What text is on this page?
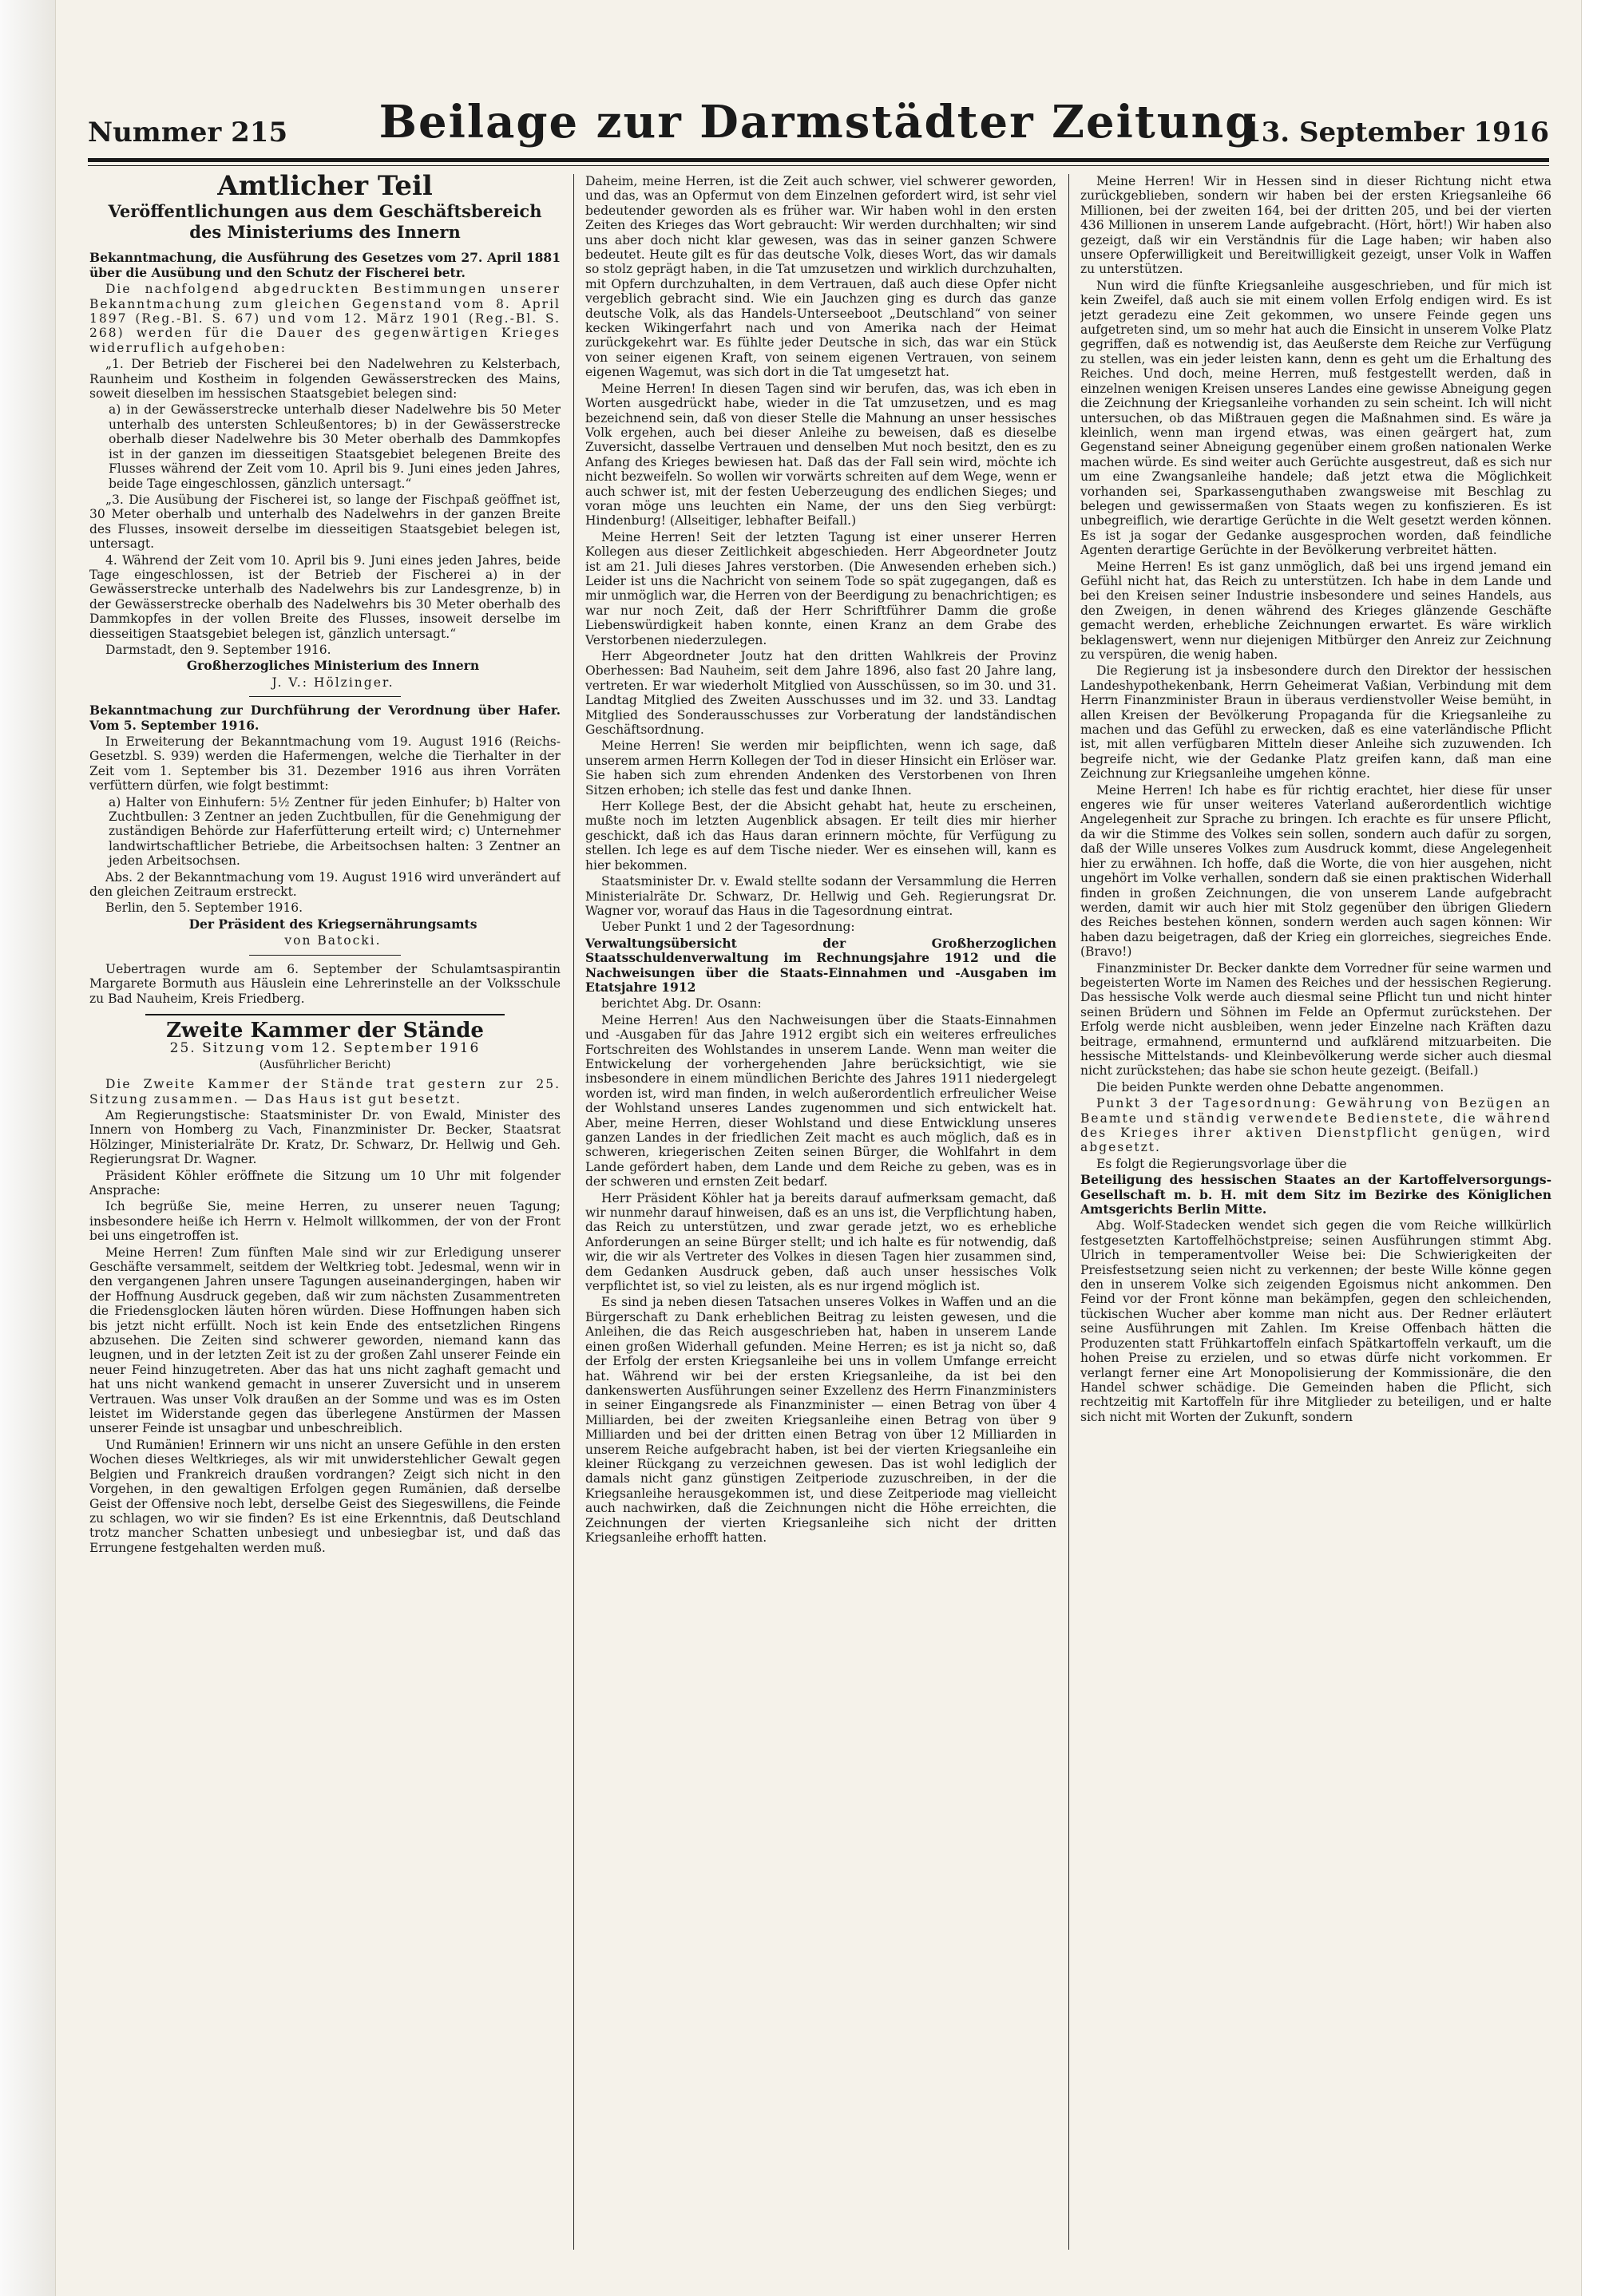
Nummer 215	Beilage zur Darmstädter Zeitung
13. September 1916
Amtlicher Teil
Veröffentlichungen aus dem Geschäftsbereich des Ministeriums des Innern

Bekanntmachung, die Ausführung des Gesetzes vom 27. April 1881 über die Ausübung und den Schutz der Fischerei betr.

Die nachfolgend abgedruckten Bestimmungen unserer Bekanntmachung zum gleichen Gegenstand vom 8. April 1897 (Reg.-Bl. S. 67) und vom 12. März 1901 (Reg.-Bl. S. 268) werden für die Dauer des gegenwärtigen Krieges widerruflich aufgehoben:

„1. Der Betrieb der Fischerei bei den Nadelwehren zu Kelsterbach, Raunheim und Kostheim in folgenden Gewässerstrecken des Mains, soweit dieselben im hessischen Staatsgebiet belegen sind:

a) in der Gewässerstrecke unterhalb dieser Nadelwehre bis 50 Meter unterhalb des untersten Schleußentores; b) in der Gewässerstrecke oberhalb dieser Nadelwehre bis 30 Meter oberhalb des Dammkopfes ist in der ganzen im diesseitigen Staatsgebiet belegenen Breite des Flusses während der Zeit vom 10. April bis 9. Juni eines jeden Jahres, beide Tage eingeschlossen, gänzlich untersagt.“

„3. Die Ausübung der Fischerei ist, so lange der Fischpaß geöffnet ist, 30 Meter oberhalb und unterhalb des Nadelwehrs in der ganzen Breite des Flusses, insoweit derselbe im diesseitigen Staatsgebiet belegen ist, untersagt.

4. Während der Zeit vom 10. April bis 9. Juni eines jeden Jahres, beide Tage eingeschlossen, ist der Betrieb der Fischerei a) in der Gewässerstrecke unterhalb des Nadelwehrs bis zur Landesgrenze, b) in der Gewässerstrecke oberhalb des Nadelwehrs bis 30 Meter oberhalb des Dammkopfes in der vollen Breite des Flusses, insoweit derselbe im diesseitigen Staatsgebiet belegen ist, gänzlich untersagt.“

Darmstadt, den 9. September 1916.

Großherzogliches Ministerium des Innern

J. V.: Hölzinger.

Bekanntmachung zur Durchführung der Verordnung über Hafer. Vom 5. September 1916.

In Erweiterung der Bekanntmachung vom 19. August 1916 (Reichs-Gesetzbl. S. 939) werden die Hafermengen, welche die Tierhalter in der Zeit vom 1. September bis 31. Dezember 1916 aus ihren Vorräten verfüttern dürfen, wie folgt bestimmt:

a) Halter von Einhufern: 5½ Zentner für jeden Einhufer; b) Halter von Zuchtbullen: 3 Zentner an jeden Zuchtbullen, für die Genehmigung der zuständigen Behörde zur Haferfütterung erteilt wird; c) Unternehmer landwirtschaftlicher Betriebe, die Arbeitsochsen halten: 3 Zentner an jeden Arbeitsochsen.

Abs. 2 der Bekanntmachung vom 19. August 1916 wird unverändert auf den gleichen Zeitraum erstreckt.

Berlin, den 5. September 1916.

Der Präsident des Kriegsernährungsamts

von Batocki.

Uebertragen wurde am 6. September der Schulamtsaspirantin Margarete Bormuth aus Häuslein eine Lehrerinstelle an der Volksschule zu Bad Nauheim, Kreis Friedberg.

Zweite Kammer der Stände
25. Sitzung vom 12. September 1916
(Ausführlicher Bericht)

Die Zweite Kammer der Stände trat gestern zur 25. Sitzung zusammen. — Das Haus ist gut besetzt.

Am Regierungstische: Staatsminister Dr. von Ewald, Minister des Innern von Homberg zu Vach, Finanzminister Dr. Becker, Staatsrat Hölzinger, Ministerialräte Dr. Kratz, Dr. Schwarz, Dr. Hellwig und Geh. Regierungsrat Dr. Wagner.

Präsident Köhler eröffnete die Sitzung um 10 Uhr mit folgender Ansprache:

Ich begrüße Sie, meine Herren, zu unserer neuen Tagung; insbesondere heiße ich Herrn v. Helmolt willkommen, der von der Front bei uns eingetroffen ist.

Meine Herren! Zum fünften Male sind wir zur Erledigung unserer Geschäfte versammelt, seitdem der Weltkrieg tobt. Jedesmal, wenn wir in den vergangenen Jahren unsere Tagungen auseinandergingen, haben wir der Hoffnung Ausdruck gegeben, daß wir zum nächsten Zusammentreten die Friedensglocken läuten hören würden. Diese Hoffnungen haben sich bis jetzt nicht erfüllt. Noch ist kein Ende des entsetzlichen Ringens abzusehen. Die Zeiten sind schwerer geworden, niemand kann das leugnen, und in der letzten Zeit ist zu der großen Zahl unserer Feinde ein neuer Feind hinzugetreten. Aber das hat uns nicht zaghaft gemacht und hat uns nicht wankend gemacht in unserer Zuversicht und in unserem Vertrauen. Was unser Volk draußen an der Somme und was es im Osten leistet im Widerstande gegen das überlegene Anstürmen der Massen unserer Feinde ist unsagbar und unbeschreiblich.

Und Rumänien! Erinnern wir uns nicht an unsere Gefühle in den ersten Wochen dieses Weltkrieges, als wir mit unwiderstehlicher Gewalt gegen Belgien und Frankreich draußen vordrangen? Zeigt sich nicht in den Vorgehen, in den gewaltigen Erfolgen gegen Rumänien, daß derselbe Geist der Offensive noch lebt, derselbe Geist des Siegeswillens, die Feinde zu schlagen, wo wir sie finden? Es ist eine Erkenntnis, daß Deutschland trotz mancher Schatten unbesiegt und unbesiegbar ist, und daß das Errungene festgehalten werden muß.

Daheim, meine Herren, ist die Zeit auch schwer, viel schwerer geworden, und das, was an Opfermut von dem Einzelnen gefordert wird, ist sehr viel bedeutender geworden als es früher war. Wir haben wohl in den ersten Zeiten des Krieges das Wort gebraucht: Wir werden durchhalten; wir sind uns aber doch nicht klar gewesen, was das in seiner ganzen Schwere bedeutet. Heute gilt es für das deutsche Volk, dieses Wort, das wir damals so stolz geprägt haben, in die Tat umzusetzen und wirklich durchzuhalten, mit Opfern durchzuhalten, in dem Vertrauen, daß auch diese Opfer nicht vergeblich gebracht sind. Wie ein Jauchzen ging es durch das ganze deutsche Volk, als das Handels-Unterseeboot „Deutschland“ von seiner kecken Wikingerfahrt nach und von Amerika nach der Heimat zurückgekehrt war. Es fühlte jeder Deutsche in sich, das war ein Stück von seiner eigenen Kraft, von seinem eigenen Vertrauen, von seinem eigenen Wagemut, was sich dort in die Tat umgesetzt hat.

Meine Herren! In diesen Tagen sind wir berufen, das, was ich eben in Worten ausgedrückt habe, wieder in die Tat umzusetzen, und es mag bezeichnend sein, daß von dieser Stelle die Mahnung an unser hessisches Volk ergehen, auch bei dieser Anleihe zu beweisen, daß es dieselbe Zuversicht, dasselbe Vertrauen und denselben Mut noch besitzt, den es zu Anfang des Krieges bewiesen hat. Daß das der Fall sein wird, möchte ich nicht bezweifeln. So wollen wir vorwärts schreiten auf dem Wege, wenn er auch schwer ist, mit der festen Ueberzeugung des endlichen Sieges; und voran möge uns leuchten ein Name, der uns den Sieg verbürgt: Hindenburg! (Allseitiger, lebhafter Beifall.)

Meine Herren! Seit der letzten Tagung ist einer unserer Herren Kollegen aus dieser Zeitlichkeit abgeschieden. Herr Abgeordneter Joutz ist am 21. Juli dieses Jahres verstorben. (Die Anwesenden erheben sich.) Leider ist uns die Nachricht von seinem Tode so spät zugegangen, daß es mir unmöglich war, die Herren von der Beerdigung zu benachrichtigen; es war nur noch Zeit, daß der Herr Schriftführer Damm die große Liebenswürdigkeit haben konnte, einen Kranz an dem Grabe des Verstorbenen niederzulegen.

Herr Abgeordneter Joutz hat den dritten Wahlkreis der Provinz Oberhessen: Bad Nauheim, seit dem Jahre 1896, also fast 20 Jahre lang, vertreten. Er war wiederholt Mitglied von Ausschüssen, so im 30. und 31. Landtag Mitglied des Zweiten Ausschusses und im 32. und 33. Landtag Mitglied des Sonderausschusses zur Vorberatung der landständischen Geschäftsordnung.

Meine Herren! Sie werden mir beipflichten, wenn ich sage, daß unserem armen Herrn Kollegen der Tod in dieser Hinsicht ein Erlöser war. Sie haben sich zum ehrenden Andenken des Verstorbenen von Ihren Sitzen erhoben; ich stelle das fest und danke Ihnen.

Herr Kollege Best, der die Absicht gehabt hat, heute zu erscheinen, mußte noch im letzten Augenblick absagen. Er teilt dies mir hierher geschickt, daß ich das Haus daran erinnern möchte, für Verfügung zu stellen. Ich lege es auf dem Tische nieder. Wer es einsehen will, kann es hier bekommen.

Staatsminister Dr. v. Ewald stellte sodann der Versammlung die Herren Ministerialräte Dr. Schwarz, Dr. Hellwig und Geh. Regierungsrat Dr. Wagner vor, worauf das Haus in die Tagesordnung eintrat.

Ueber Punkt 1 und 2 der Tagesordnung:

Verwaltungsübersicht der Großherzoglichen Staatsschuldenverwaltung im Rechnungsjahre 1912 und die Nachweisungen über die Staats-Einnahmen und -Ausgaben im Etatsjahre 1912

berichtet Abg. Dr. Osann:

Meine Herren! Aus den Nachweisungen über die Staats-Einnahmen und -Ausgaben für das Jahre 1912 ergibt sich ein weiteres erfreuliches Fortschreiten des Wohlstandes in unserem Lande. Wenn man weiter die Entwickelung der vorhergehenden Jahre berücksichtigt, wie sie insbesondere in einem mündlichen Berichte des Jahres 1911 niedergelegt worden ist, wird man finden, in welch außerordentlich erfreulicher Weise der Wohlstand unseres Landes zugenommen und sich entwickelt hat. Aber, meine Herren, dieser Wohlstand und diese Entwicklung unseres ganzen Landes in der friedlichen Zeit macht es auch möglich, daß es in schweren, kriegerischen Zeiten seinen Bürger, die Wohlfahrt in dem Lande gefördert haben, dem Lande und dem Reiche zu geben, was es in der schweren und ernsten Zeit bedarf.

Herr Präsident Köhler hat ja bereits darauf aufmerksam gemacht, daß wir nunmehr darauf hinweisen, daß es an uns ist, die Verpflichtung haben, das Reich zu unterstützen, und zwar gerade jetzt, wo es erhebliche Anforderungen an seine Bürger stellt; und ich halte es für notwendig, daß wir, die wir als Vertreter des Volkes in diesen Tagen hier zusammen sind, dem Gedanken Ausdruck geben, daß auch unser hessisches Volk verpflichtet ist, so viel zu leisten, als es nur irgend möglich ist.

Es sind ja neben diesen Tatsachen unseres Volkes in Waffen und an die Bürgerschaft zu Dank erheblichen Beitrag zu leisten gewesen, und die Anleihen, die das Reich ausgeschrieben hat, haben in unserem Lande einen großen Widerhall gefunden. Meine Herren; es ist ja nicht so, daß der Erfolg der ersten Kriegsanleihe bei uns in vollem Umfange erreicht hat. Während wir bei der ersten Kriegsanleihe, da ist bei den dankenswerten Ausführungen seiner Exzellenz des Herrn Finanzministers in seiner Eingangsrede als Finanzminister — einen Betrag von über 4 Milliarden, bei der zweiten Kriegsanleihe einen Betrag von über 9 Milliarden und bei der dritten einen Betrag von über 12 Milliarden in unserem Reiche aufgebracht haben, ist bei der vierten Kriegsanleihe ein kleiner Rückgang zu verzeichnen gewesen. Das ist wohl lediglich der damals nicht ganz günstigen Zeitperiode zuzuschreiben, in der die Kriegsanleihe herausgekommen ist, und diese Zeitperiode mag vielleicht auch nachwirken, daß die Zeichnungen nicht die Höhe erreichten, die Zeichnungen der vierten Kriegsanleihe sich nicht der dritten Kriegsanleihe erhofft hatten.

Meine Herren! Wir in Hessen sind in dieser Richtung nicht etwa zurückgeblieben, sondern wir haben bei der ersten Kriegsanleihe 66 Millionen, bei der zweiten 164, bei der dritten 205, und bei der vierten 436 Millionen in unserem Lande aufgebracht. (Hört, hört!) Wir haben also gezeigt, daß wir ein Verständnis für die Lage haben; wir haben also unsere Opferwilligkeit und Bereitwilligkeit gezeigt, unser Volk in Waffen zu unterstützen.

Nun wird die fünfte Kriegsanleihe ausgeschrieben, und für mich ist kein Zweifel, daß auch sie mit einem vollen Erfolg endigen wird. Es ist jetzt geradezu eine Zeit gekommen, wo unsere Feinde gegen uns aufgetreten sind, um so mehr hat auch die Einsicht in unserem Volke Platz gegriffen, daß es notwendig ist, das Aeußerste dem Reiche zur Verfügung zu stellen, was ein jeder leisten kann, denn es geht um die Erhaltung des Reiches. Und doch, meine Herren, muß festgestellt werden, daß in einzelnen wenigen Kreisen unseres Landes eine gewisse Abneigung gegen die Zeichnung der Kriegsanleihe vorhanden zu sein scheint. Ich will nicht untersuchen, ob das Mißtrauen gegen die Maßnahmen sind. Es wäre ja kleinlich, wenn man irgend etwas, was einen geärgert hat, zum Gegenstand seiner Abneigung gegenüber einem großen nationalen Werke machen würde. Es sind weiter auch Gerüchte ausgestreut, daß es sich nur um eine Zwangsanleihe handele; daß jetzt etwa die Möglichkeit vorhanden sei, Sparkassenguthaben zwangsweise mit Beschlag zu belegen und gewissermaßen von Staats wegen zu konfiszieren. Es ist unbegreiflich, wie derartige Gerüchte in die Welt gesetzt werden können. Es ist ja sogar der Gedanke ausgesprochen worden, daß feindliche Agenten derartige Gerüchte in der Bevölkerung verbreitet hätten.

Meine Herren! Es ist ganz unmöglich, daß bei uns irgend jemand ein Gefühl nicht hat, das Reich zu unterstützen. Ich habe in dem Lande und bei den Kreisen seiner Industrie insbesondere und seines Handels, aus den Zweigen, in denen während des Krieges glänzende Geschäfte gemacht werden, erhebliche Zeichnungen erwartet. Es wäre wirklich beklagenswert, wenn nur diejenigen Mitbürger den Anreiz zur Zeichnung zu verspüren, die wenig haben.

Die Regierung ist ja insbesondere durch den Direktor der hessischen Landeshypothekenbank, Herrn Geheimerat Vaßian, Verbindung mit dem Herrn Finanzminister Braun in überaus verdienstvoller Weise bemüht, in allen Kreisen der Bevölkerung Propaganda für die Kriegsanleihe zu machen und das Gefühl zu erwecken, daß es eine vaterländische Pflicht ist, mit allen verfügbaren Mitteln dieser Anleihe sich zuzuwenden. Ich begreife nicht, wie der Gedanke Platz greifen kann, daß man eine Zeichnung zur Kriegsanleihe umgehen könne.

Meine Herren! Ich habe es für richtig erachtet, hier diese für unser engeres wie für unser weiteres Vaterland außerordentlich wichtige Angelegenheit zur Sprache zu bringen. Ich erachte es für unsere Pflicht, da wir die Stimme des Volkes sein sollen, sondern auch dafür zu sorgen, daß der Wille unseres Volkes zum Ausdruck kommt, diese Angelegenheit hier zu erwähnen. Ich hoffe, daß die Worte, die von hier ausgehen, nicht ungehört im Volke verhallen, sondern daß sie einen praktischen Widerhall finden in großen Zeichnungen, die von unserem Lande aufgebracht werden, damit wir auch hier mit Stolz gegenüber den übrigen Gliedern des Reiches bestehen können, sondern werden auch sagen können: Wir haben dazu beigetragen, daß der Krieg ein glorreiches, siegreiches Ende. (Bravo!)

Finanzminister Dr. Becker dankte dem Vorredner für seine warmen und begeisterten Worte im Namen des Reiches und der hessischen Regierung. Das hessische Volk werde auch diesmal seine Pflicht tun und nicht hinter seinen Brüdern und Söhnen im Felde an Opfermut zurückstehen. Der Erfolg werde nicht ausbleiben, wenn jeder Einzelne nach Kräften dazu beitrage, ermahnend, ermunternd und aufklärend mitzuarbeiten. Die hessische Mittelstands- und Kleinbevölkerung werde sicher auch diesmal nicht zurückstehen; das habe sie schon heute gezeigt. (Beifall.)

Die beiden Punkte werden ohne Debatte angenommen.

Punkt 3 der Tagesordnung: Gewährung von Bezügen an Beamte und ständig verwendete Bedienstete, die während des Krieges ihrer aktiven Dienstpflicht genügen, wird abgesetzt.

Es folgt die Regierungsvorlage über die

Beteiligung des hessischen Staates an der Kartoffelversorgungs-Gesellschaft m. b. H. mit dem Sitz im Bezirke des Königlichen Amtsgerichts Berlin Mitte.

Abg. Wolf-Stadecken wendet sich gegen die vom Reiche willkürlich festgesetzten Kartoffelhöchstpreise; seinen Ausführungen stimmt Abg. Ulrich in temperamentvoller Weise bei: Die Schwierigkeiten der Preisfestsetzung seien nicht zu verkennen; der beste Wille könne gegen den in unserem Volke sich zeigenden Egoismus nicht ankommen. Den Feind vor der Front könne man bekämpfen, gegen den schleichenden, tückischen Wucher aber komme man nicht aus. Der Redner erläutert seine Ausführungen mit Zahlen. Im Kreise Offenbach hätten die Produzenten statt Frühkartoffeln einfach Spätkartoffeln verkauft, um die hohen Preise zu erzielen, und so etwas dürfe nicht vorkommen. Er verlangt ferner eine Art Monopolisierung der Kommissionäre, die den Handel schwer schädige. Die Gemeinden haben die Pflicht, sich rechtzeitig mit Kartoffeln für ihre Mitglieder zu beteiligen, und er halte sich nicht mit Worten der Zukunft, sondern
